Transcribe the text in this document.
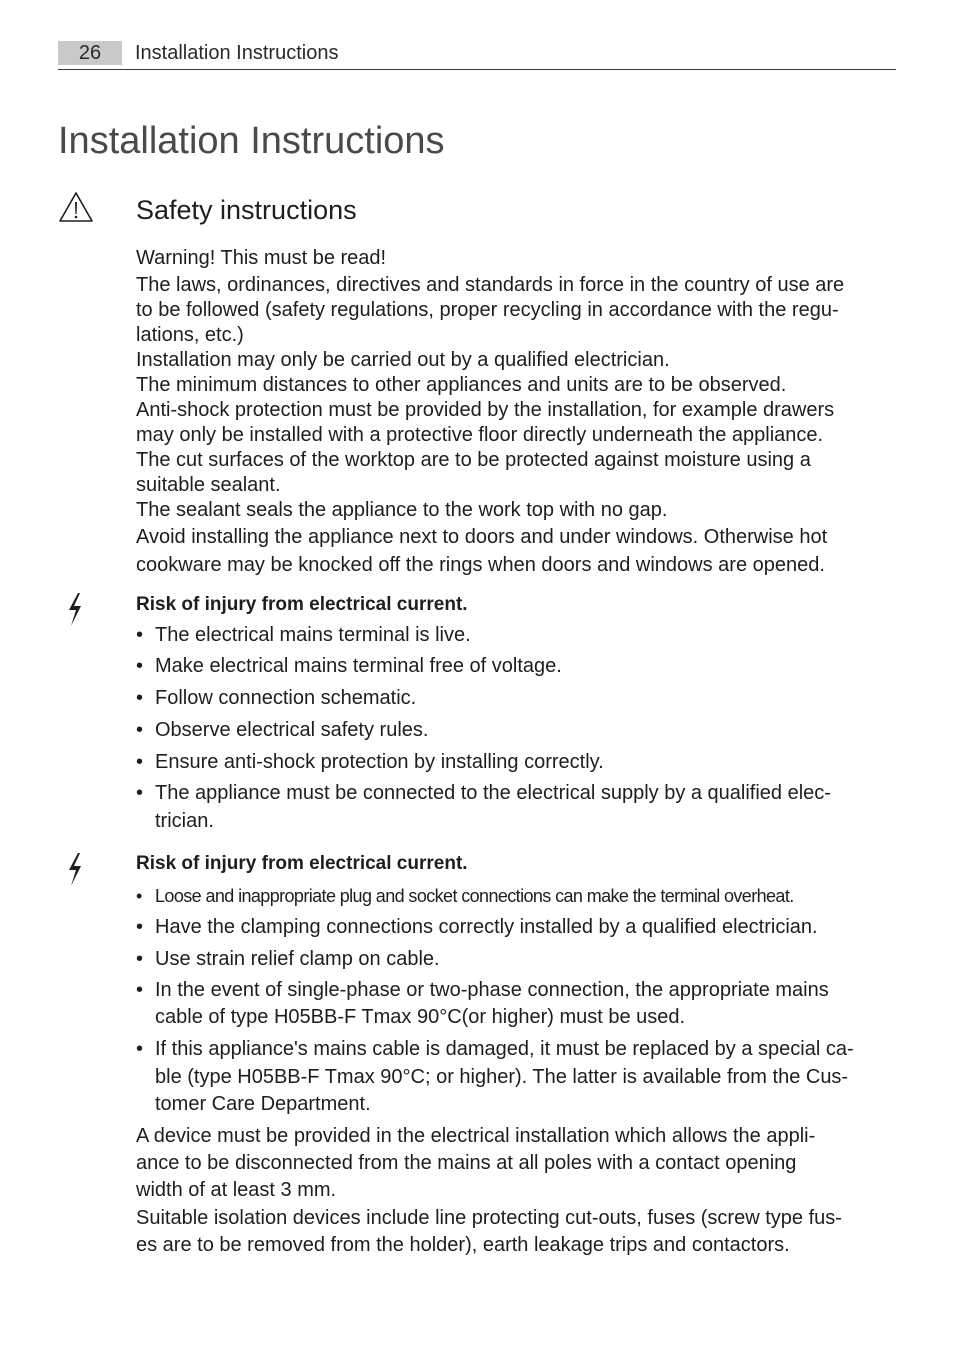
26	Installation Instructions
Installation Instructions
Safety instructions
Warning! This must be read!
The laws, ordinances, directives and standards in force in the country of use are
to be followed (safety regulations, proper recycling in accordance with the regu-
lations, etc.)
Installation may only be carried out by a qualified electrician.
The minimum distances to other appliances and units are to be observed.
Anti-shock protection must be provided by the installation, for example drawers
may only be installed with a protective floor directly underneath the appliance.
The cut surfaces of the worktop are to be protected against moisture using a
suitable sealant.
The sealant seals the appliance to the work top with no gap.
Avoid installing the appliance next to doors and under windows. Otherwise hot
cookware may be knocked off the rings when doors and windows are opened.
Risk of injury from electrical current.
• The electrical mains terminal is live.
• Make electrical mains terminal free of voltage.
• Follow connection schematic.
• Observe electrical safety rules.
• Ensure anti-shock protection by installing correctly.
• The appliance must be connected to the electrical supply by a qualified elec-
trician.
Risk of injury from electrical current.
• Loose and inappropriate plug and socket connections can make the terminal overheat.
• Have the clamping connections correctly installed by a qualified electrician.
• Use strain relief clamp on cable.
• In the event of single-phase or two-phase connection, the appropriate mains
cable of type H05BB-F Tmax 90°C(or higher) must be used.
• If this appliance's mains cable is damaged, it must be replaced by a special ca-
ble (type H05BB-F Tmax 90°C; or higher). The latter is available from the Cus-
tomer Care Department.
A device must be provided in the electrical installation which allows the appli-
ance to be disconnected from the mains at all poles with a contact opening
width of at least 3 mm.
Suitable isolation devices include line protecting cut-outs, fuses (screw type fus-
es are to be removed from the holder), earth leakage trips and contactors.
